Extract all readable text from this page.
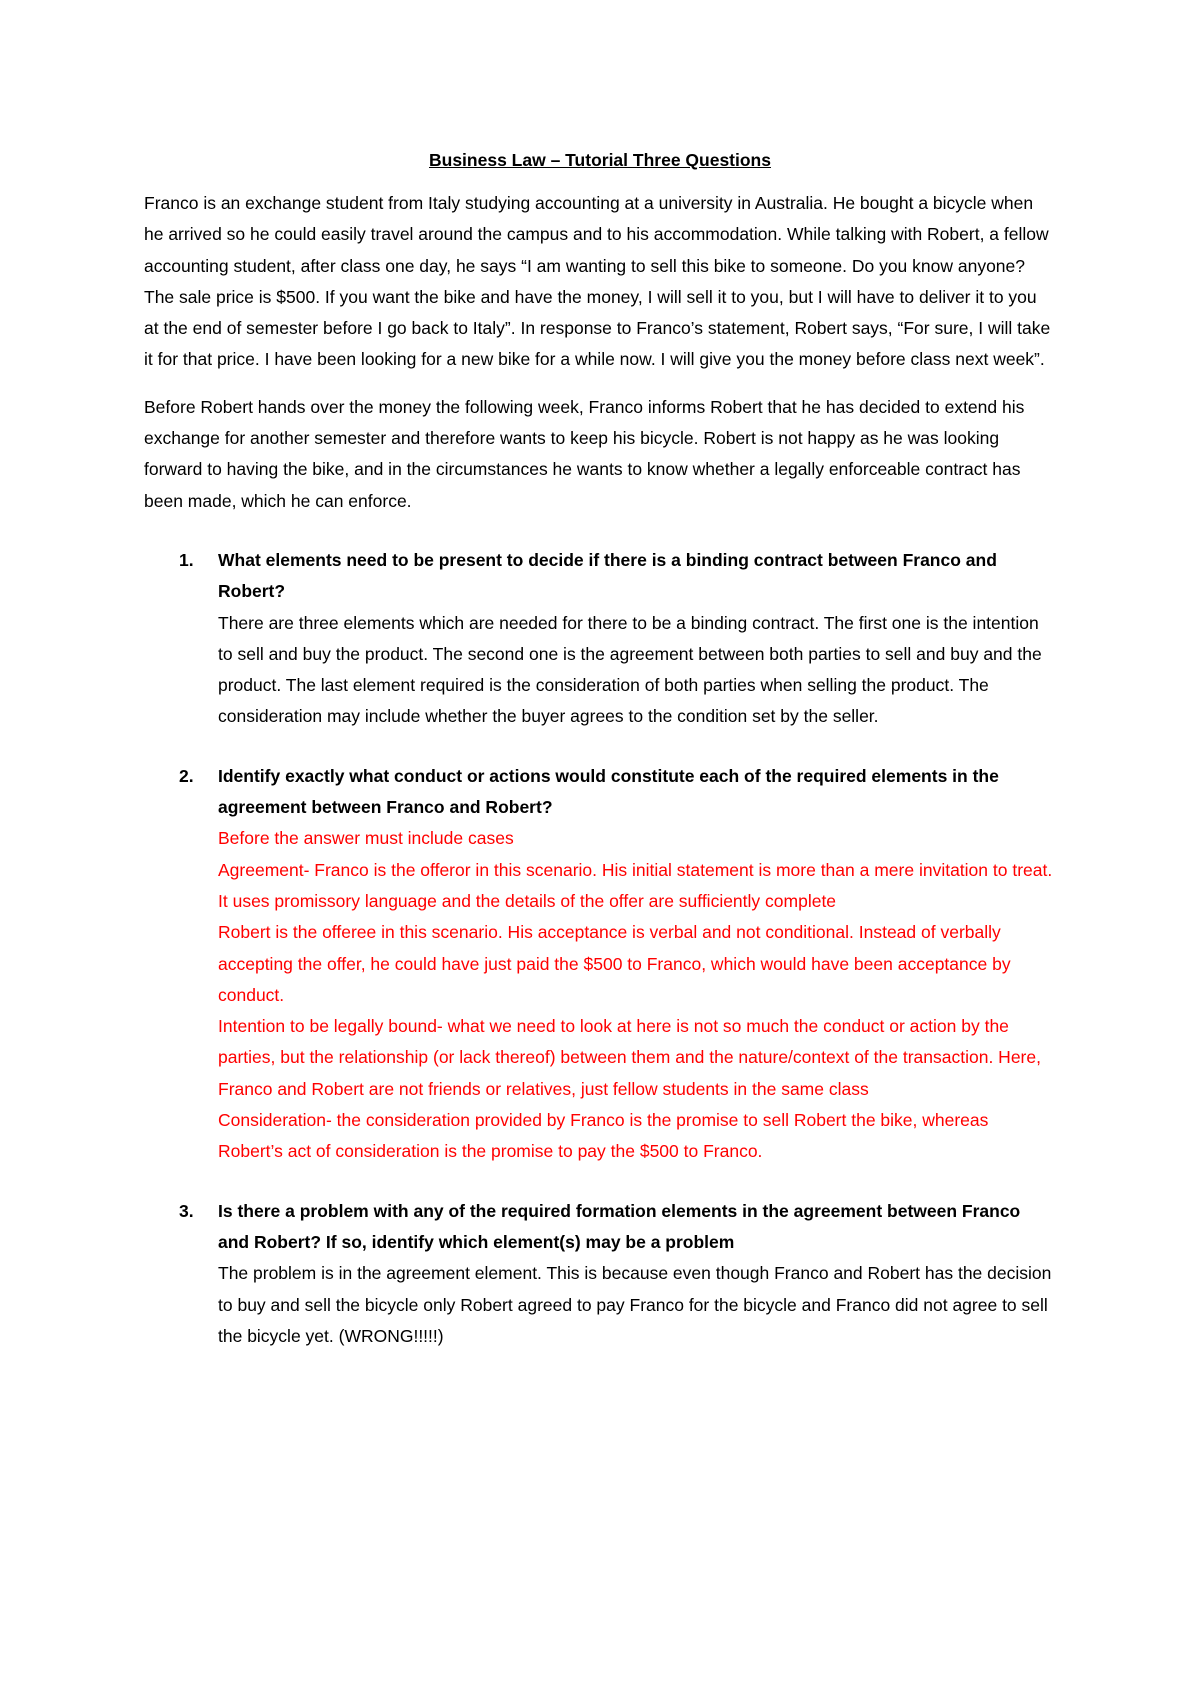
Business Law – Tutorial Three Questions

Franco is an exchange student from Italy studying accounting at a university in Australia. He bought a bicycle when he arrived so he could easily travel around the campus and to his accommodation. While talking with Robert, a fellow accounting student, after class one day, he says “I am wanting to sell this bike to someone. Do you know anyone? The sale price is $500. If you want the bike and have the money, I will sell it to you, but I will have to deliver it to you at the end of semester before I go back to Italy”. In response to Franco’s statement, Robert says, “For sure, I will take it for that price. I have been looking for a new bike for a while now. I will give you the money before class next week”.

Before Robert hands over the money the following week, Franco informs Robert that he has decided to extend his exchange for another semester and therefore wants to keep his bicycle. Robert is not happy as he was looking forward to having the bike, and in the circumstances he wants to know whether a legally enforceable contract has been made, which he can enforce.

1. What elements need to be present to decide if there is a binding contract between Franco and Robert?
There are three elements which are needed for there to be a binding contract. The first one is the intention to sell and buy the product. The second one is the agreement between both parties to sell and buy and the product. The last element required is the consideration of both parties when selling the product. The consideration may include whether the buyer agrees to the condition set by the seller.
2. Identify exactly what conduct or actions would constitute each of the required elements in the agreement between Franco and Robert?
Before the answer must include cases
Agreement- Franco is the offeror in this scenario. His initial statement is more than a mere invitation to treat. It uses promissory language and the details of the offer are sufficiently complete
Robert is the offeree in this scenario. His acceptance is verbal and not conditional. Instead of verbally accepting the offer, he could have just paid the $500 to Franco, which would have been acceptance by conduct.
Intention to be legally bound- what we need to look at here is not so much the conduct or action by the parties, but the relationship (or lack thereof) between them and the nature/context of the transaction. Here, Franco and Robert are not friends or relatives, just fellow students in the same class
Consideration- the consideration provided by Franco is the promise to sell Robert the bike, whereas Robert’s act of consideration is the promise to pay the $500 to Franco.
3. Is there a problem with any of the required formation elements in the agreement between Franco and Robert? If so, identify which element(s) may be a problem
The problem is in the agreement element. This is because even though Franco and Robert has the decision to buy and sell the bicycle only Robert agreed to pay Franco for the bicycle and Franco did not agree to sell the bicycle yet. (WRONG!!!!!)
